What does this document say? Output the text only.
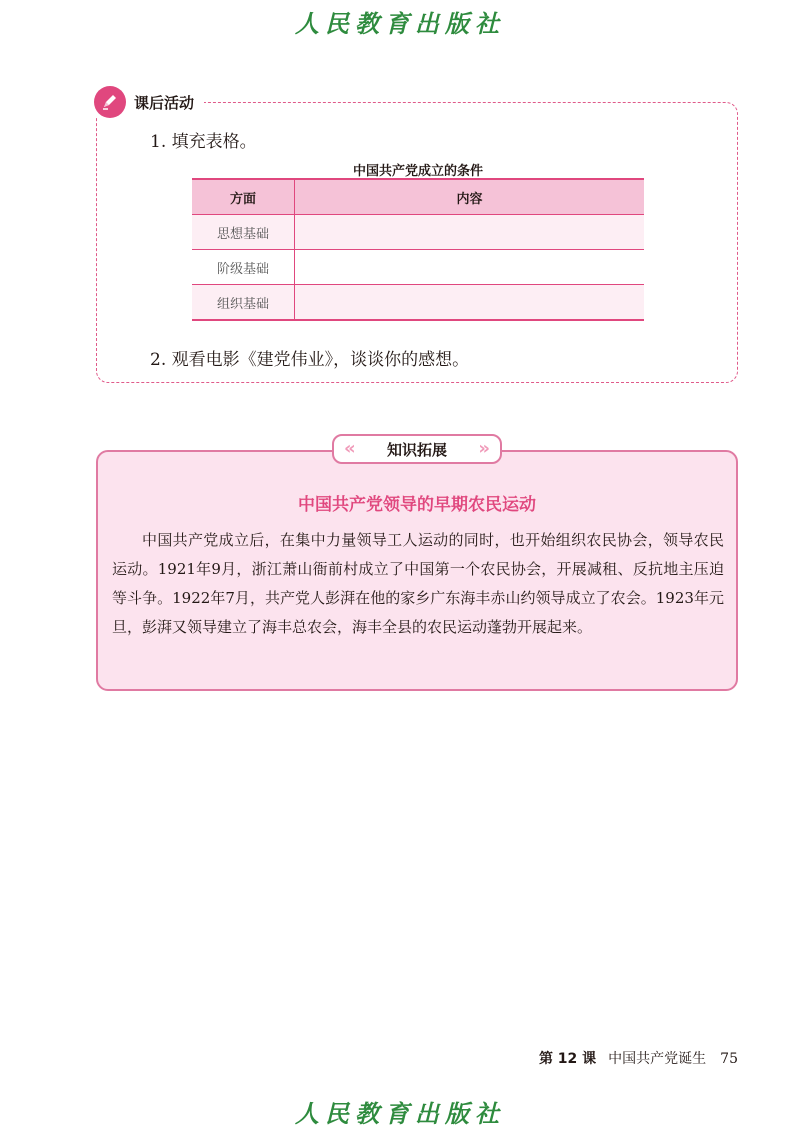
人民教育出版社
课后活动
1. 填充表格。
中国共产党成立的条件
方面	内容
思想基础	
阶级基础	
组织基础	
2. 观看电影《建党伟业》，谈谈你的感想。
« 知识拓展 »
中国共产党领导的早期农民运动

中国共产党成立后，在集中力量领导工人运动的同时，也开始组织农民协会，领导农民运动。1921年9月，浙江萧山衙前村成立了中国第一个农民协会，开展减租、反抗地主压迫等斗争。1922年7月，共产党人彭湃在他的家乡广东海丰赤山约领导成立了农会。1923年元旦，彭湃又领导建立了海丰总农会，海丰全县的农民运动蓬勃开展起来。

第 12 课 中国共产党诞生 75
人民教育出版社
